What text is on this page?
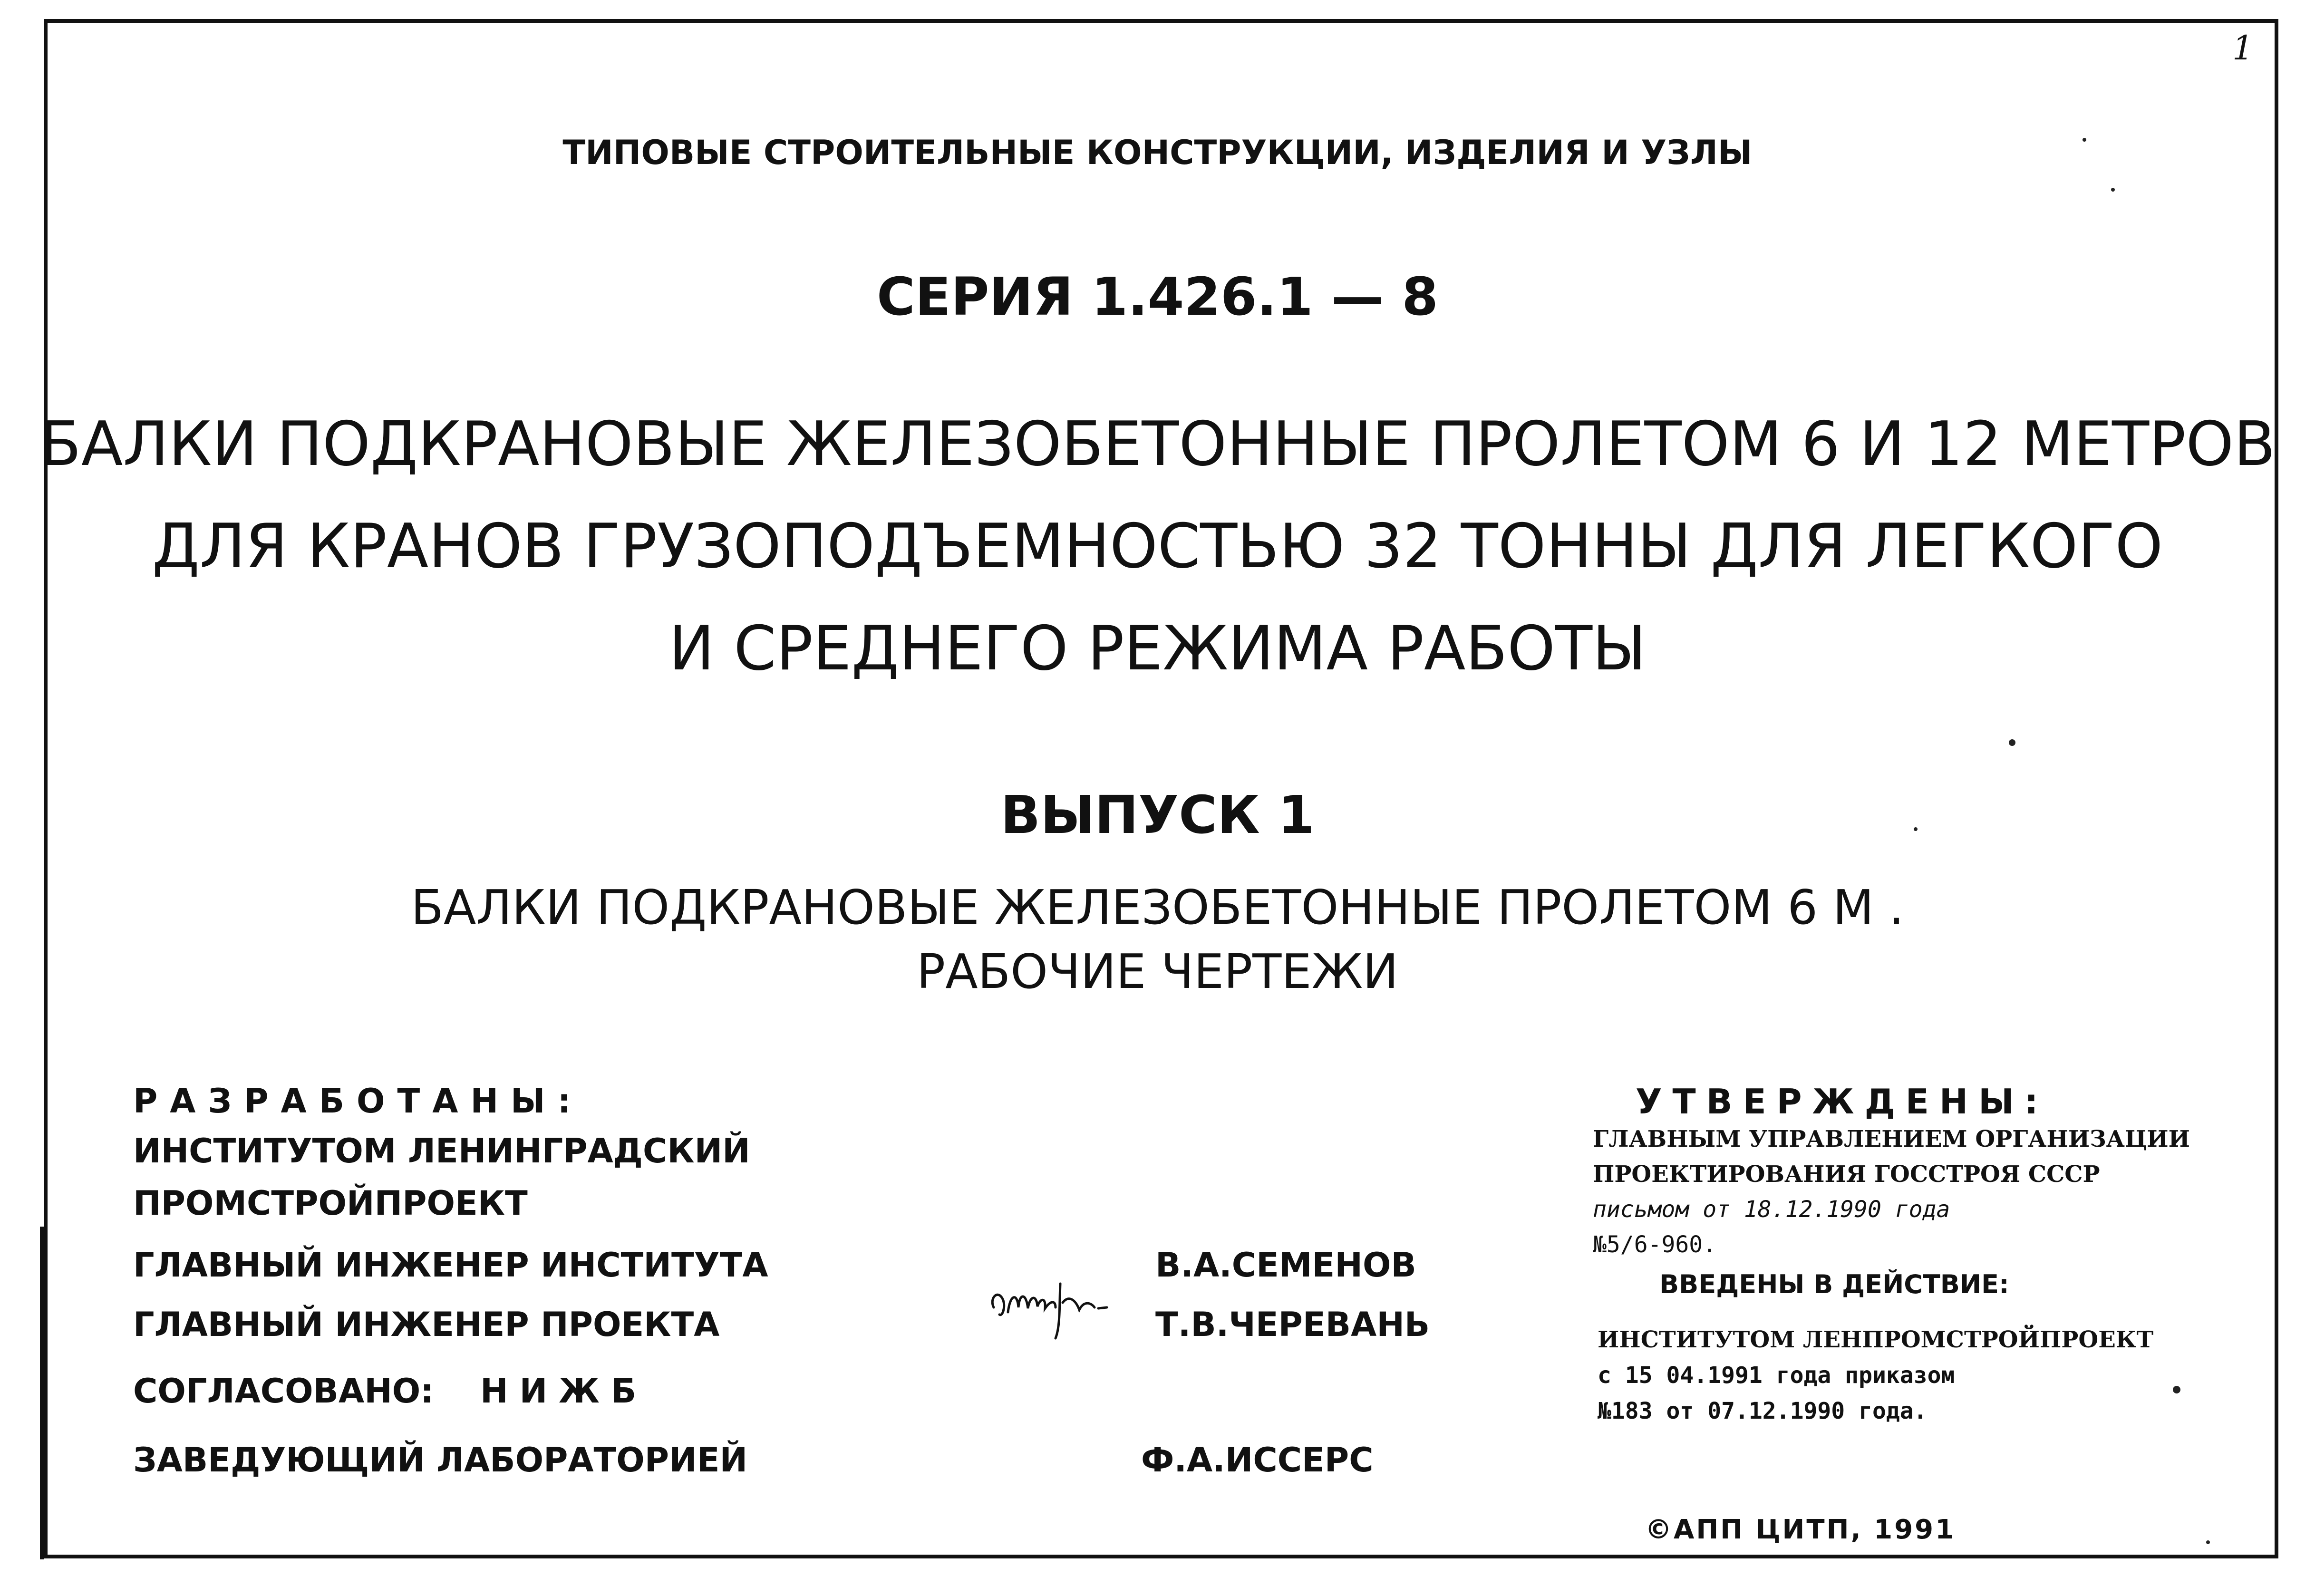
1
ТИПОВЫЕ СТРОИТЕЛЬНЫЕ КОНСТРУКЦИИ, ИЗДЕЛИЯ И УЗЛЫ
СЕРИЯ 1.426.1 — 8
БАЛКИ ПОДКРАНОВЫЕ ЖЕЛЕЗОБЕТОННЫЕ ПРОЛЕТОМ 6 И 12 МЕТРОВ
ДЛЯ КРАНОВ ГРУЗОПОДЪЕМНОСТЬЮ 32 ТОННЫ ДЛЯ ЛЕГКОГО
И СРЕДНЕГО РЕЖИМА РАБОТЫ
ВЫПУСК 1
БАЛКИ ПОДКРАНОВЫЕ ЖЕЛЕЗОБЕТОННЫЕ ПРОЛЕТОМ 6 М .
РАБОЧИЕ ЧЕРТЕЖИ
РАЗРАБОТАНЫ:
ИНСТИТУТОМ ЛЕНИНГРАДСКИЙ
ПРОМСТРОЙПРОЕКТ
ГЛАВНЫЙ ИНЖЕНЕР ИНСТИТУТА
ГЛАВНЫЙ ИНЖЕНЕР ПРОЕКТА
СОГЛАСОВАНО: НИЖБ
ЗАВЕДУЮЩИЙ ЛАБОРАТОРИЕЙ
В.А.СЕМЕНОВ
Т.В.ЧЕРЕВАНЬ
Ф.А.ИССЕРС
УТВЕРЖДЕНЫ:
ГЛАВНЫМ УПРАВЛЕНИЕМ ОРГАНИЗАЦИИ
ПРОЕКТИРОВАНИЯ ГОССТРОЯ СССР
письмом от 18.12.1990 года
№5/6-960.
ВВЕДЕНЫ В ДЕЙСТВИЕ:
ИНСТИТУТОМ ЛЕНПРОМСТРОЙПРОЕКТ
с 15 04.1991 года приказом
№183 от 07.12.1990 года.
©АПП ЦИТП, 1991
